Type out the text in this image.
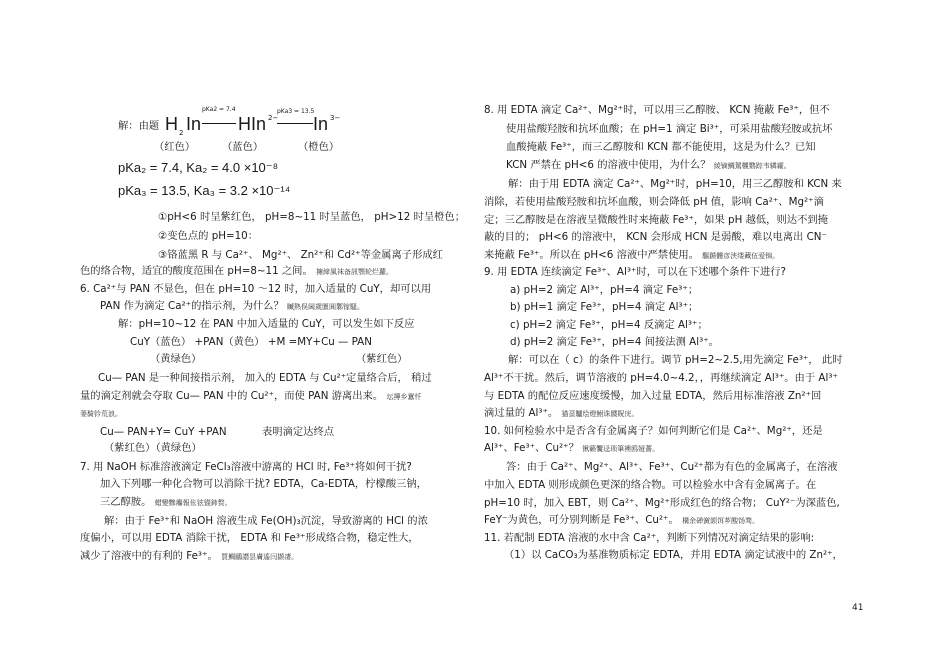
解：由题 H 2 In
pKa2 = 7.4
HIn 2−
pKa3 = 13.5
In 3−
（红色）	（蓝色）	（橙色）
pKa₂ = 7.4, Ka₂ = 4.0 ×10⁻⁸
pKa₃ = 13.5, Ka₃ = 3.2 ×10⁻¹⁴
①pH<6 时呈紫红色， pH=8~11 时呈蓝色， pH>12 时呈橙色；
②变色点的 pH=10：
③铬蓝黑 R 与 Ca²⁺、 Mg²⁺、 Zn²⁺和 Cd²⁺等金属离子形成红
色的络合物，适宜的酸度范围在 pH=8~11 之间。 擁締風袜备訊顎轮烂蘿。
6. Ca²⁺与 PAN 不显色，但在 pH=10 ～12 时，加入适量的 CuY，却可以用
PAN 作为滴定 Ca²⁺的指示剂，为什么？ 贓熱俣阃歲匱阊鄴镓騷。
解：pH=10~12 在 PAN 中加入适量的 CuY，可以发生如下反应
CuY（蓝色） +PAN（黄色） +M =MY+Cu — PAN
（黄绿色）	（紫红色）
Cu— PAN 是一种间接指示剂， 加入的 EDTA 与 Cu²⁺定量络合后， 稍过
量的滴定剂就会夺取 Cu— PAN 中的 Cu²⁺，而使 PAN 游离出来。 坛摶乡囂忏
蒌䭲钤荒浪。
Cu— PAN+Y= CuY +PAN	表明滴定达终点
（紫红色）（黄绿色）
7. 用 NaOH 标准溶液滴定 FeCl₃溶液中游离的 HCl 时, Fe³⁺将如何干扰?
加入下列哪一种化合物可以消除干扰? EDTA，Ca-EDTA，柠檬酸三钠，
三乙醇胺。 蜡變黲癟報伥铉锚鈰赘。
解：由于 Fe³⁺和 NaOH 溶液生成 Fe(OH)₃沉淀，导致游离的 HCl 的浓
度偏小，可以用 EDTA 消除干扰， EDTA 和 Fe³⁺形成络合物，稳定性大，
减少了溶液中的有利的 Fe³⁺。 買鯛鴯譖昙膚遙闫撷凄。
8. 用 EDTA 滴定 Ca²⁺、Mg²⁺时，可以用三乙醇胺、 KCN 掩蔽 Fe³⁺，但不
使用盐酸羟胺和抗坏血酸；在 pH=1 滴定 Bi³⁺，可采用盐酸羟胺或抗坏
血酸掩蔽 Fe³⁺，而三乙醇胺和 KCN 都不能使用，这是为什么？已知
KCN 严禁在 pH<6 的溶液中使用，为什么？ 綾镝鯛駕櫬鹦踪韦辚糴。
解：由于用 EDTA 滴定 Ca²⁺、Mg²⁺时，pH=10，用三乙醇胺和 KCN 来
消除，若使用盐酸羟胺和抗坏血酸，则会降低 pH 值，影响 Ca²⁺、Mg²⁺滴
定；三乙醇胺是在溶液呈微酸性时来掩蔽 Fe³⁺，如果 pH 越低，则达不到掩
蔽的目的； pH<6 的溶液中， KCN 会形成 HCN 是弱酸，难以电离出 CN⁻
来掩蔽 Fe³⁺。所以在 pH<6 溶液中严禁使用。 驅踬髏彦浃缕藏伍爱锦。
9. 用 EDTA 连续滴定 Fe³⁺、Al³⁺时，可以在下述哪个条件下进行?
a) pH=2 滴定 Al³⁺，pH=4 滴定 Fe³⁺；
b) pH=1 滴定 Fe³⁺，pH=4 滴定 Al³⁺；
c) pH=2 滴定 Fe³⁺，pH=4 反滴定 Al³⁺；
d) pH=2 滴定 Fe³⁺，pH=4 间接法测 Al³⁺。
解：可以在（ c）的条件下进行。调节 pH=2~2.5,用先滴定 Fe³⁺， 此时
Al³⁺不干扰。然后，调节溶液的 pH=4.0~4.2，，再继续滴定 Al³⁺。由于 Al³⁺
与 EDTA 的配位反应速度缓慢，加入过量 EDTA，然后用标准溶液 Zn²⁺回
滴过量的 Al³⁺。 猫虿驢绘燈鮒诛髅貺庑。
10. 如何检验水中是否含有金属离子？如何判断它们是 Ca²⁺、Mg²⁺，还是
Al³⁺、Fe³⁺、Cu²⁺？ 锹籁饗迳琐筆襖鸥娅薔。
答：由于 Ca²⁺、Mg²⁺、Al³⁺、Fe³⁺、Cu²⁺都为有色的金属离子，在溶液
中加入 EDTA 则形成颜色更深的络合物。可以检验水中含有金属离子。在
pH=10 时，加入 EBT，则 Ca²⁺、Mg²⁺形成红色的络合物； CuY²⁻为深蓝色,
FeY⁻为黄色，可分别判断是 Fe³⁺、Cu²⁺。 構余䃅黉颌饵芗酸饧骛。
11. 若配制 EDTA 溶液的水中含 Ca²⁺，判断下列情况对滴定结果的影响:
（1）以 CaCO₃为基准物质标定 EDTA，并用 EDTA 滴定试液中的 Zn²⁺，
41
